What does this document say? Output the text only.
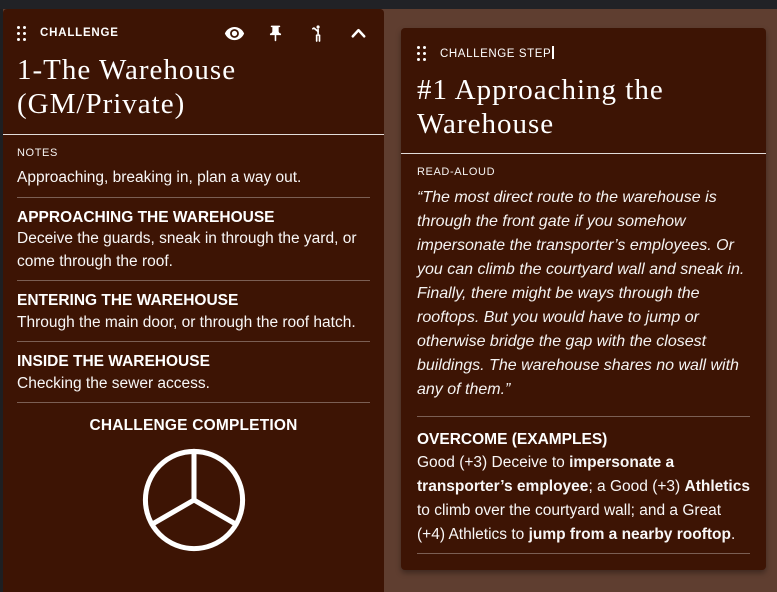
CHALLENGE
1-The Warehouse (GM/Private)
NOTES

Approaching, breaking in, plan a way out.

APPROACHING THE WAREHOUSE

Deceive the guards, sneak in through the yard, or come through the roof.

ENTERING THE WAREHOUSE

Through the main door, or through the roof hatch.

INSIDE THE WAREHOUSE

Checking the sewer access.

CHALLENGE COMPLETION
CHALLENGE STEP
#1 Approaching the Warehouse
READ-ALOUD

“The most direct route to the warehouse is through the front gate if you somehow impersonate the transporter’s employees. Or you can climb the courtyard wall and sneak in. Finally, there might be ways through the rooftops. But you would have to jump or otherwise bridge the gap with the closest buildings. The warehouse shares no wall with any of them.”

OVERCOME (EXAMPLES)

Good (+3) Deceive to impersonate a transporter’s employee; a Good (+3) Athletics to climb over the courtyard wall; and a Great (+4) Athletics to jump from a nearby rooftop.
